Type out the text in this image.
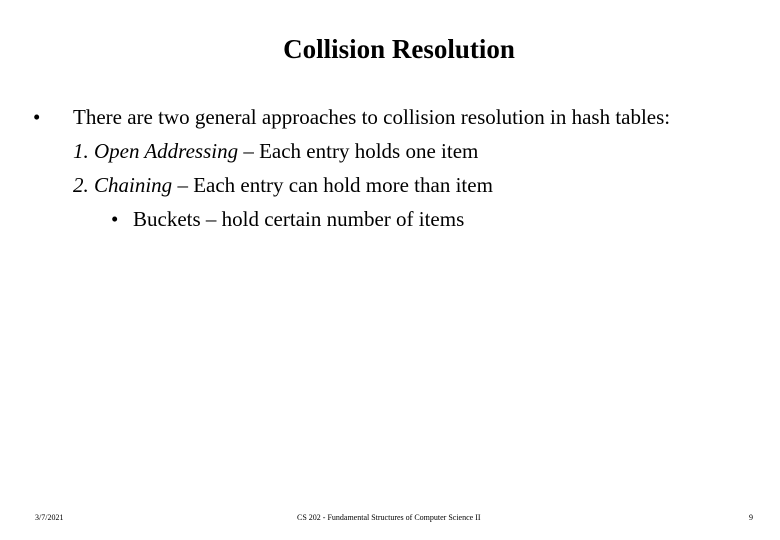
Collision Resolution
• There are two general approaches to collision resolution in hash tables:
1. Open Addressing – Each entry holds one item
2. Chaining – Each entry can hold more than item
• Buckets – hold certain number of items
3/7/2021	CS 202 - Fundamental Structures of Computer Science II	9
